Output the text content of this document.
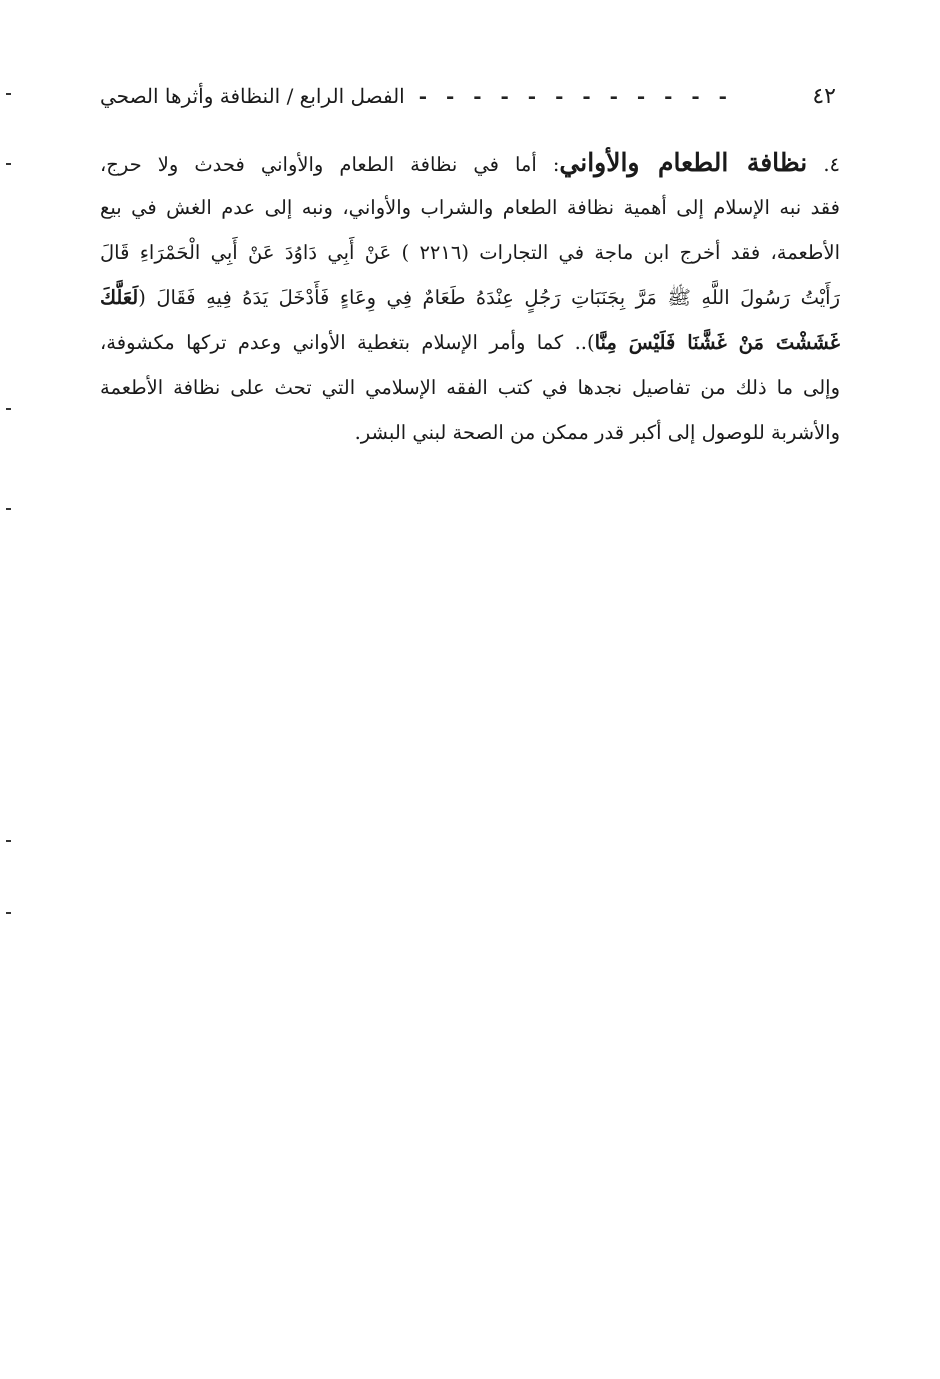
٤٢
- - - - - - - - - - - -
الفصل الرابع / النظافة وأثرها الصحي
٤. نظافة الطعام والأواني: أما في نظافة الطعام والأواني فحدث ولا حرج،
فقد نبه الإسلام إلى أهمية نظافة الطعام والشراب والأواني، ونبه إلى عدم الغش في بيع
الأطعمة، فقد أخرج ابن ماجة في التجارات (٢٢١٦ ) عَنْ أَبِي دَاوُدَ عَنْ أَبِي الْحَمْرَاءِ قَالَ
رَأَيْتُ رَسُولَ اللَّهِ ﷺ مَرَّ بِجَنَبَاتِ رَجُلٍ عِنْدَهُ طَعَامٌ فِي وِعَاءٍ فَأَدْخَلَ يَدَهُ فِيهِ فَقَالَ (لَعَلَّكَ
غَشَشْتَ مَنْ غَشَّنَا فَلَيْسَ مِنَّا).. كما وأمر الإسلام بتغطية الأواني وعدم تركها مكشوفة،
وإلى ما ذلك من تفاصيل نجدها في كتب الفقه الإسلامي التي تحث على نظافة الأطعمة
والأشربة للوصول إلى أكبر قدر ممكن من الصحة لبني البشر.
